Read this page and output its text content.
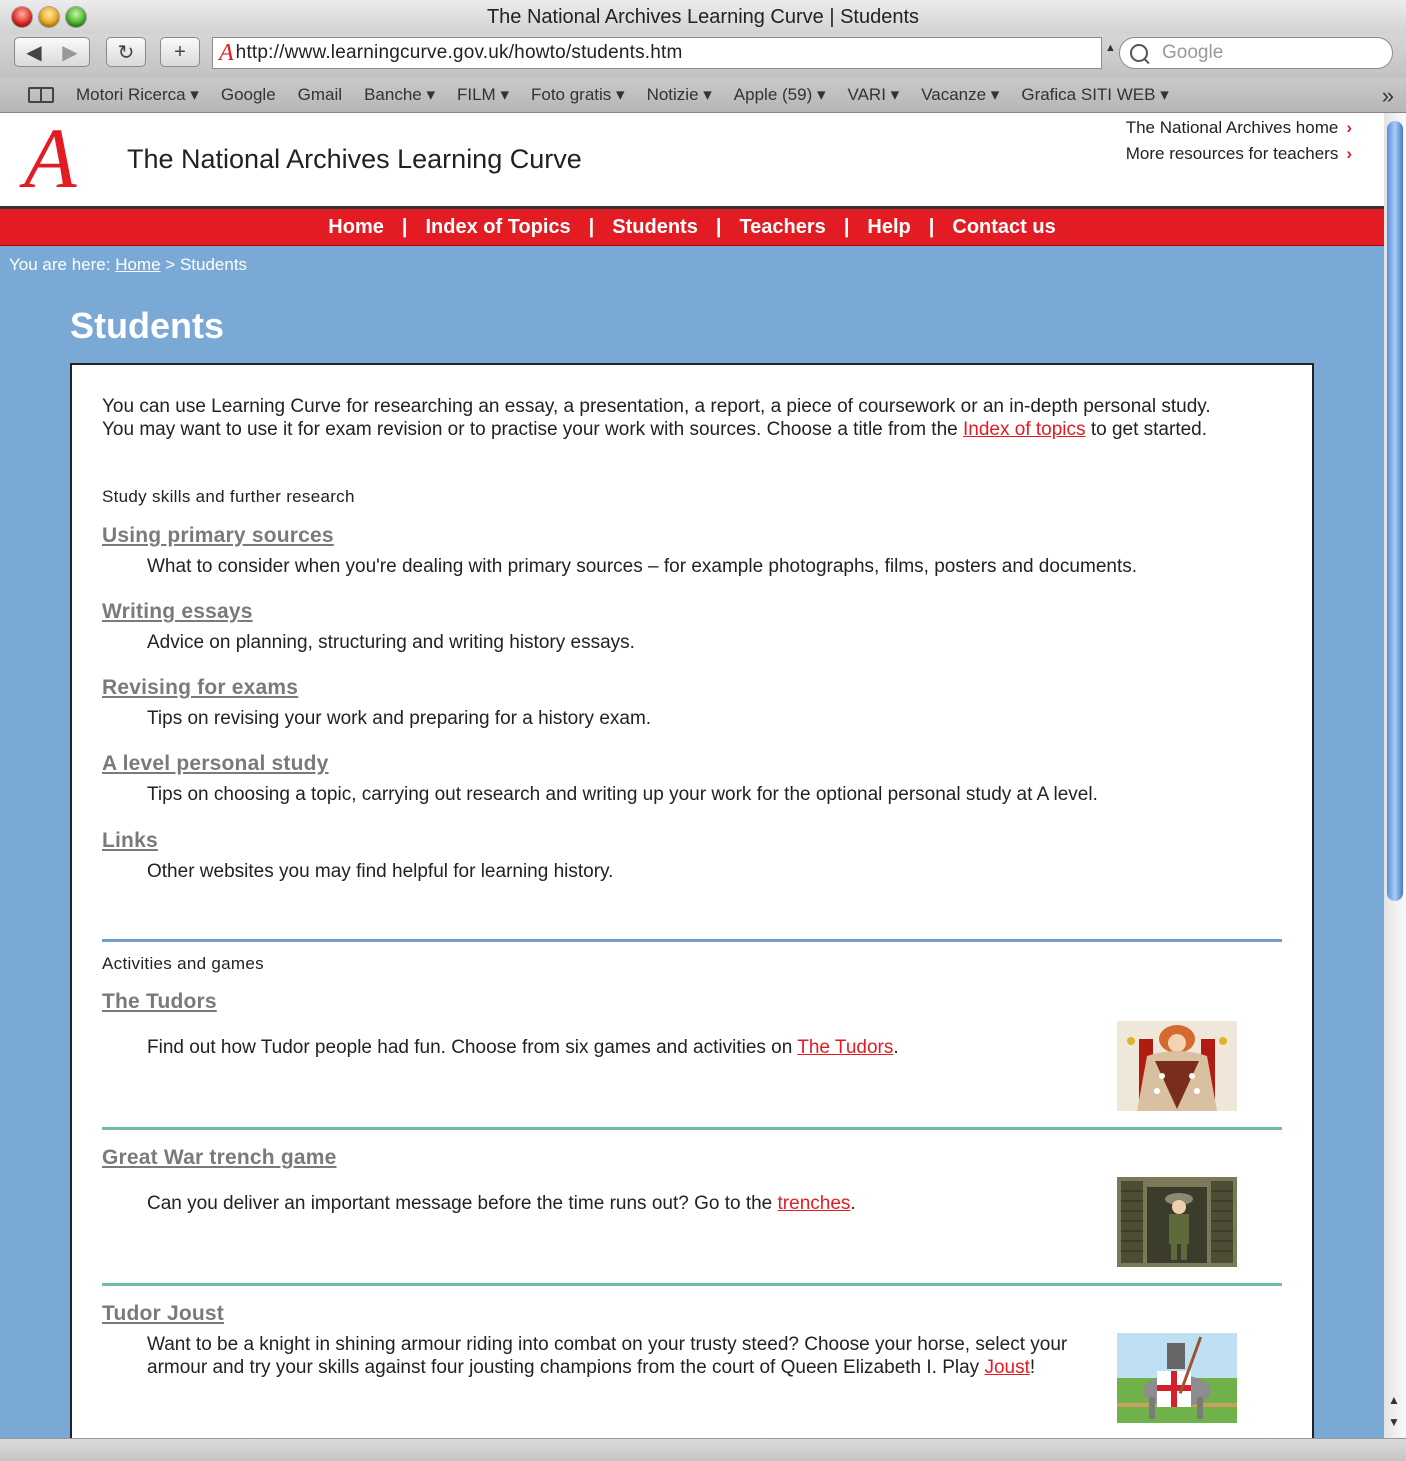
The National Archives Learning Curve | Students
◀	▶	↻ + A http://www.learningcurve.gov.uk/howto/students.htm	▲ Google
Motori Ricerca ▾ Google Gmail Banche ▾ FILM ▾ Foto gratis ▾ Notizie ▾ Apple (59) ▾ VARI ▾ Vacanze ▾ Grafica SITI WEB ▾	»
A The National Archives Learning Curve
The National Archives home ›
More resources for teachers ›
Home | Index of Topics | Students | Teachers | Help | Contact us
You are here: Home > Students
Students
You can use Learning Curve for researching an essay, a presentation, a report, a piece of coursework or an in-depth personal study.
You may want to use it for exam revision or to practise your work with sources. Choose a title from the Index of topics to get started.
Study skills and further research
Using primary sources
What to consider when you're dealing with primary sources – for example photographs, films, posters and documents.
Writing essays
Advice on planning, structuring and writing history essays.
Revising for exams
Tips on revising your work and preparing for a history exam.
A level personal study
Tips on choosing a topic, carrying out research and writing up your work for the optional personal study at A level.
Links
Other websites you may find helpful for learning history.
Activities and games
The Tudors
Find out how Tudor people had fun. Choose from six games and activities on The Tudors.
Great War trench game
Can you deliver an important message before the time runs out? Go to the trenches.
Tudor Joust
Want to be a knight in shining armour riding into combat on your trusty steed? Choose your horse, select your
armour and try your skills against four jousting champions from the court of Queen Elizabeth I. Play Joust!
▲
▼
